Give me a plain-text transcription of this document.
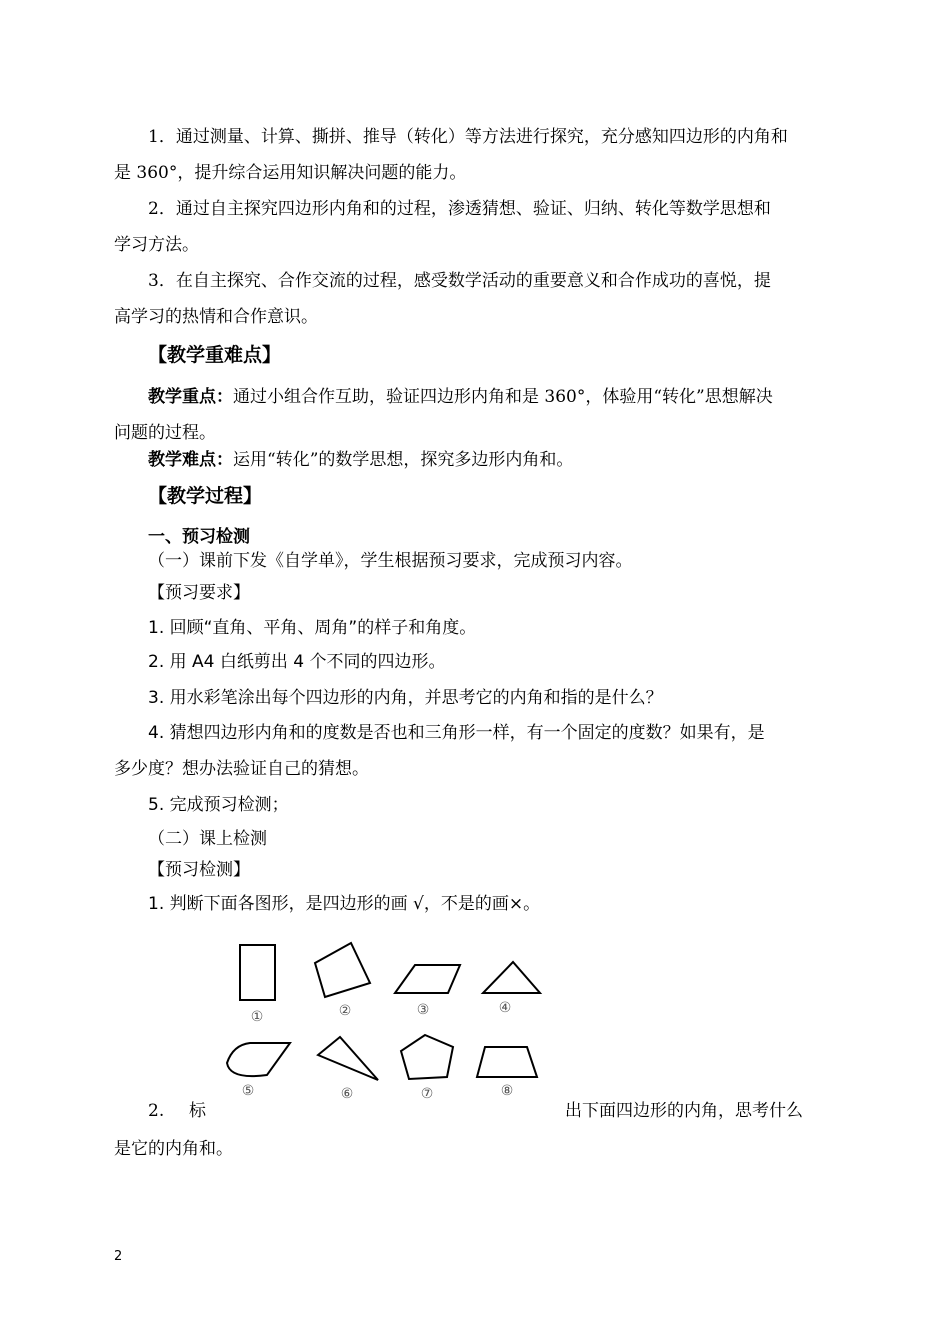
1．通过测量、计算、撕拼、推导（转化）等方法进行探究，充分感知四边形的内角和
是 360°，提升综合运用知识解决问题的能力。
2．通过自主探究四边形内角和的过程，渗透猜想、验证、归纳、转化等数学思想和
学习方法。
3．在自主探究、合作交流的过程，感受数学活动的重要意义和合作成功的喜悦，提
高学习的热情和合作意识。
【教学重难点】
教学重点：通过小组合作互助，验证四边形内角和是 360°，体验用“转化”思想解决
问题的过程。
教学难点：运用“转化”的数学思想，探究多边形内角和。
【教学过程】
一、预习检测
（一）课前下发《自学单》，学生根据预习要求，完成预习内容。
【预习要求】
1. 回顾“直角、平角、周角”的样子和角度。
2. 用 A4 白纸剪出 4 个不同的四边形。
3. 用水彩笔涂出每个四边形的内角，并思考它的内角和指的是什么？
4. 猜想四边形内角和的度数是否也和三角形一样，有一个固定的度数？如果有，是
多少度？想办法验证自己的猜想。
5. 完成预习检测；
（二）课上检测
【预习检测】
1. 判断下面各图形，是四边形的画 √，不是的画×。
①	②	③	④
⑤	⑥	⑦	⑧
2. 标	出下面四边形的内角，思考什么
是它的内角和。
2
